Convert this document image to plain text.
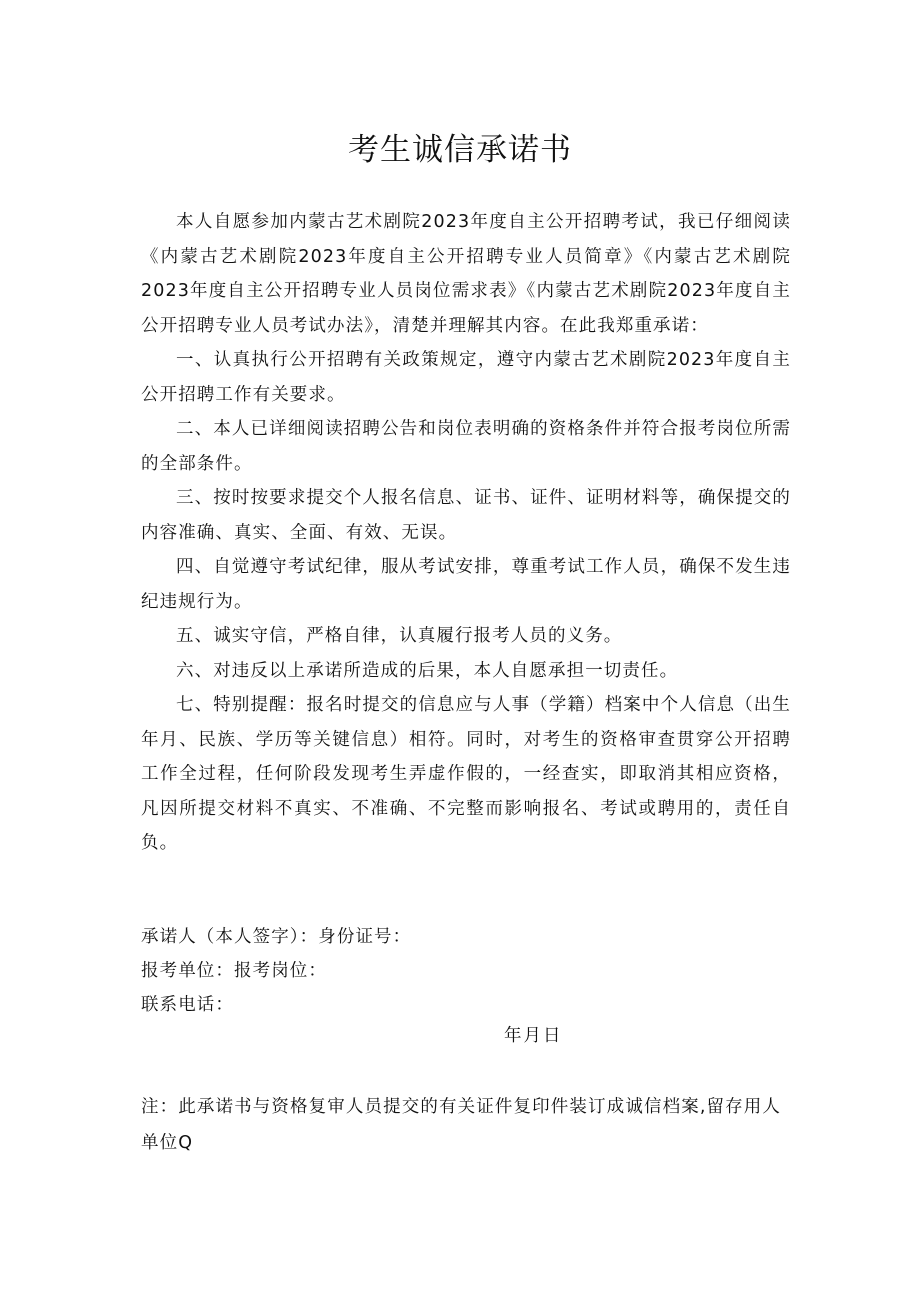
考生诚信承诺书

本人自愿参加内蒙古艺术剧院2023年度自主公开招聘考试，我已仔细阅读《内蒙古艺术剧院2023年度自主公开招聘专业人员简章》《内蒙古艺术剧院2023年度自主公开招聘专业人员岗位需求表》《内蒙古艺术剧院2023年度自主公开招聘专业人员考试办法》，清楚并理解其内容。在此我郑重承诺：

一、认真执行公开招聘有关政策规定，遵守内蒙古艺术剧院2023年度自主公开招聘工作有关要求。

二、本人已详细阅读招聘公告和岗位表明确的资格条件并符合报考岗位所需的全部条件。

三、按时按要求提交个人报名信息、证书、证件、证明材料等，确保提交的内容准确、真实、全面、有效、无误。

四、自觉遵守考试纪律，服从考试安排，尊重考试工作人员，确保不发生违纪违规行为。

五、诚实守信，严格自律，认真履行报考人员的义务。

六、对违反以上承诺所造成的后果，本人自愿承担一切责任。

七、特别提醒：报名时提交的信息应与人事（学籍）档案中个人信息（出生年月、民族、学历等关键信息）相符。同时，对考生的资格审查贯穿公开招聘工作全过程，任何阶段发现考生弄虚作假的，一经查实，即取消其相应资格，凡因所提交材料不真实、不准确、不完整而影响报名、考试或聘用的，责任自负。

承诺人（本人签字）：身份证号：
报考单位：报考岗位：
联系电话：
年月日
注：此承诺书与资格复审人员提交的有关证件复印件装订成诚信档案,留存用人单位Q
